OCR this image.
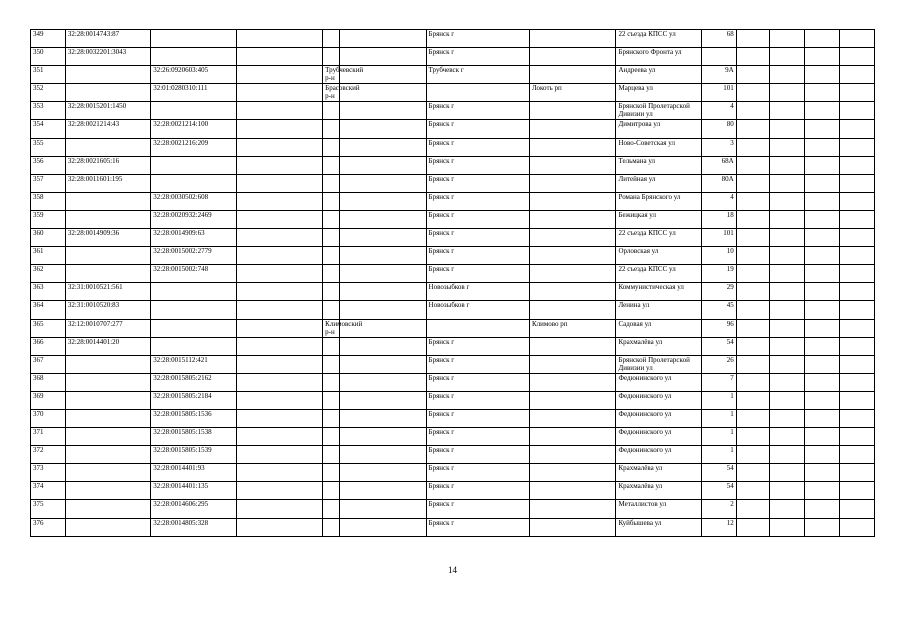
349	32:28:0014743:87					Брянск г		22 съезда КПСС ул	68				
350	32:28:0032201:3043					Брянск г		Брянского Фронта ул					
351		32:26:0920603:405		Трубчевский р-н		Трубчевск г		Андреева ул	9А				
352		32:01:0280310:111		Брасовский р-н			Локоть рп	Марцева ул	101				
353	32:28:0015201:1450					Брянск г		Брянской Пролетарской Дивизии ул	4				
354	32:28:0021214:43	32:28:0021214:100				Брянск г		Димитрова ул	80				
355		32:28:0021216:209				Брянск г		Ново-Советская ул	3				
356	32:28:0021605:16					Брянск г		Тельмана ул	68А				
357	32:28:0011601:195					Брянск г		Литейная ул	80А				
358		32:28:0030502:608				Брянск г		Романа Брянского ул	4				
359		32:28:0020932:2469				Брянск г		Бежицкая ул	18				
360	32:28:0014909:36	32:28:0014909:63				Брянск г		22 съезда КПСС ул	101				
361		32:28:0015002:2779				Брянск г		Орловская ул	10				
362		32:28:0015002:748				Брянск г		22 съезда КПСС ул	19				
363	32:31:0010521:561					Новозыбков г		Коммунистическая ул	29				
364	32:31:0010520:83					Новозыбков г		Ленина ул	45				
365	32:12:0010707:277			Климовский р-н			Климово рп	Садовая ул	96				
366	32:28:0014401:20					Брянск г		Крахмалёва ул	54				
367		32:28:0015112:421				Брянск г		Брянской Пролетарской Дивизии ул	26				
368		32:28:0015805:2162				Брянск г		Федюнинского ул	7				
369		32:28:0015805:2184				Брянск г		Федюнинского ул	1				
370		32:28:0015805:1536				Брянск г		Федюнинского ул	1				
371		32:28:0015805:1538				Брянск г		Федюнинского ул	1				
372		32:28:0015805:1539				Брянск г		Федюнинского ул	1				
373		32:28:0014401:93				Брянск г		Крахмалёва ул	54				
374		32:28:0014401:135				Брянск г		Крахмалёва ул	54				
375		32:28:0014606:295				Брянск г		Металлистов ул	2				
376		32:28:0014805:328				Брянск г		Куйбышева ул	12				
14
